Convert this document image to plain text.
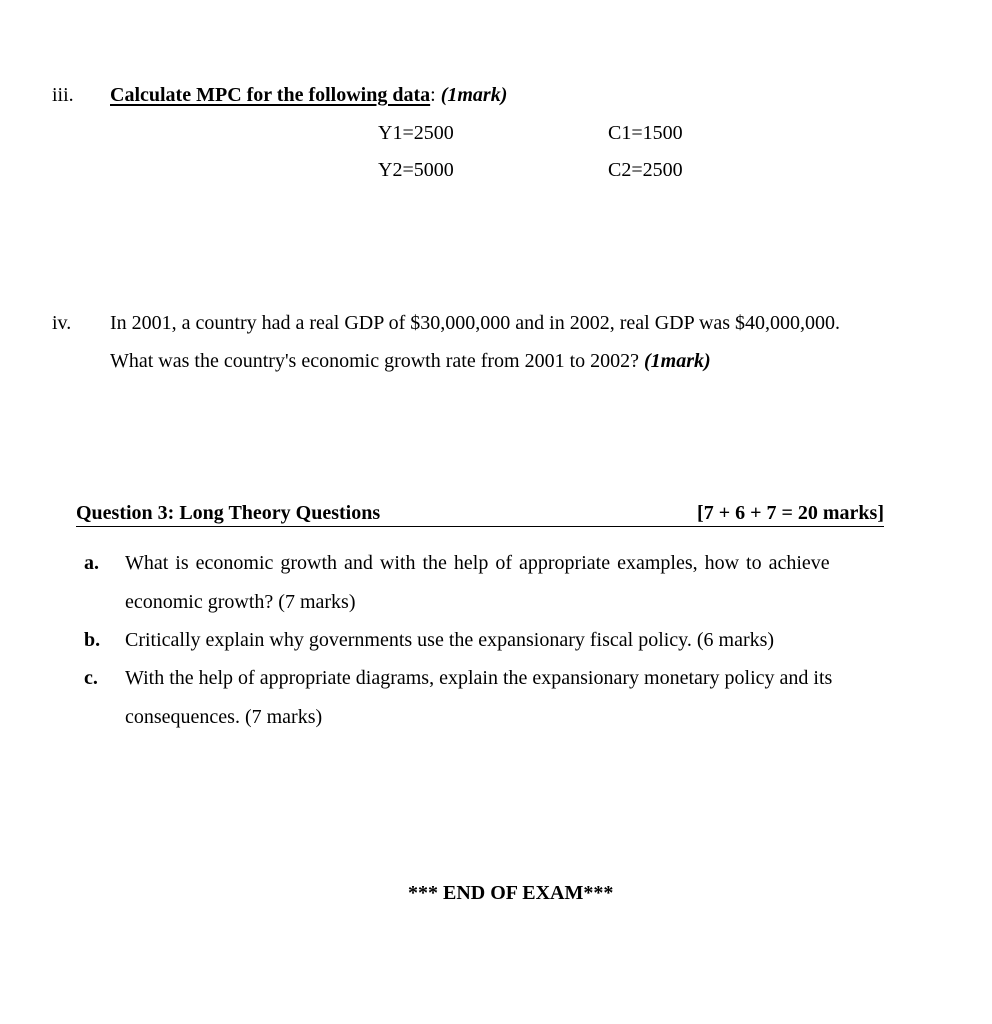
iii. Calculate MPC for the following data: (1mark)
Y1=2500	C1=1500
Y2=5000	C2=2500
iv. In 2001, a country had a real GDP of $30,000,000 and in 2002, real GDP was $40,000,000.
What was the country's economic growth rate from 2001 to 2002? (1mark)
Question 3: Long Theory Questions	[7 + 6 + 7 = 20 marks]
a. What is economic growth and with the help of appropriate examples, how to achieve
economic growth? (7 marks)
b. Critically explain why governments use the expansionary fiscal policy. (6 marks)
c. With the help of appropriate diagrams, explain the expansionary monetary policy and its
consequences. (7 marks)
*** END OF EXAM***
